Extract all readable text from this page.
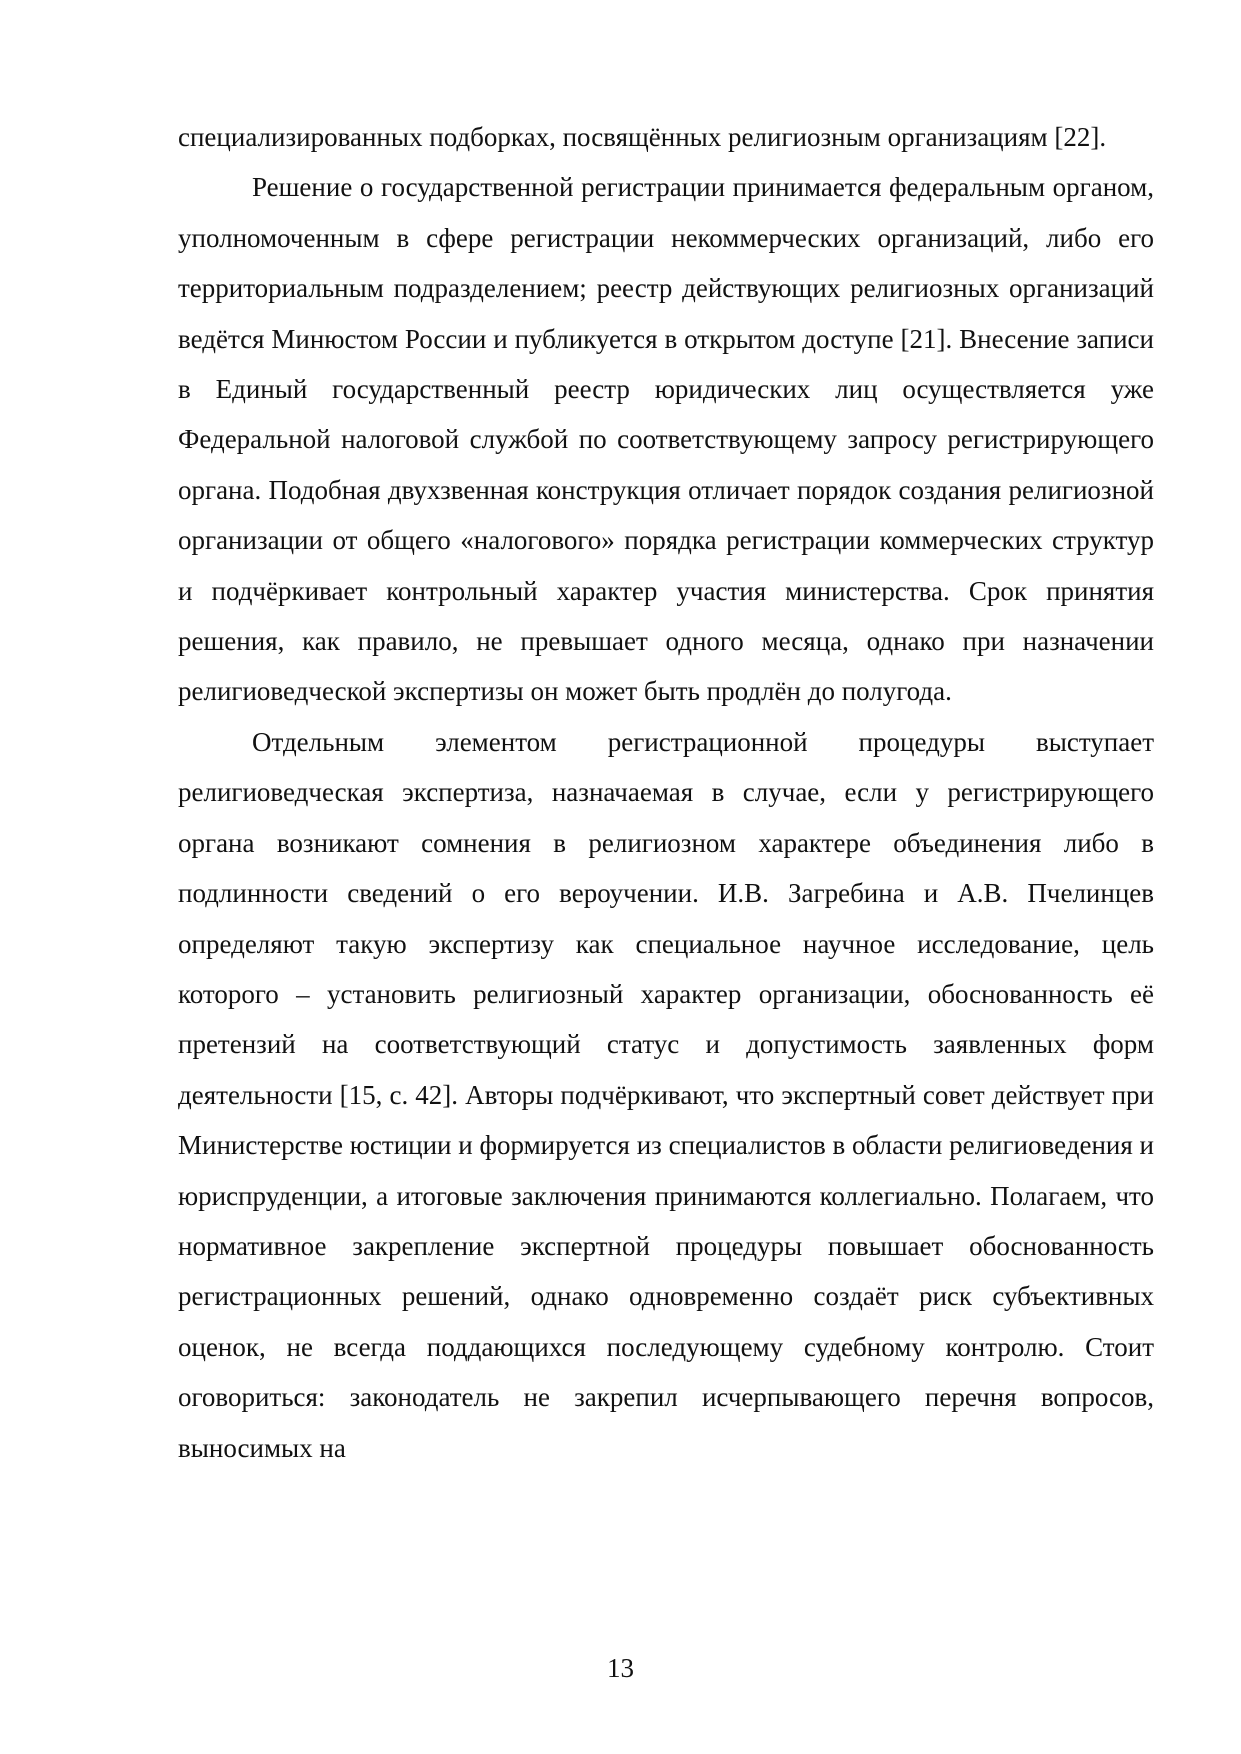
специализированных подборках, посвящённых религиозным организациям [22].

Решение о государственной регистрации принимается федеральным органом, уполномоченным в сфере регистрации некоммерческих организаций, либо его территориальным подразделением; реестр действующих религиозных организаций ведётся Минюстом России и публикуется в открытом доступе [21]. Внесение записи в Единый государственный реестр юридических лиц осуществляется уже Федеральной налоговой службой по соответствующему запросу регистрирующего органа. Подобная двухзвенная конструкция отличает порядок создания религиозной организации от общего «налогового» порядка регистрации коммерческих структур и подчёркивает контрольный характер участия министерства. Срок принятия решения, как правило, не превышает одного месяца, однако при назначении религиоведческой экспертизы он может быть продлён до полугода.

Отдельным элементом регистрационной процедуры выступает религиоведческая экспертиза, назначаемая в случае, если у регистрирующего органа возникают сомнения в религиозном характере объединения либо в подлинности сведений о его вероучении. И.В. Загребина и А.В. Пчелинцев определяют такую экспертизу как специальное научное исследование, цель которого – установить религиозный характер организации, обоснованность её претензий на соответствующий статус и допустимость заявленных форм деятельности [15, с. 42]. Авторы подчёркивают, что экспертный совет действует при Министерстве юстиции и формируется из специалистов в области религиоведения и юриспруденции, а итоговые заключения принимаются коллегиально. Полагаем, что нормативное закрепление экспертной процедуры повышает обоснованность регистрационных решений, однако одновременно создаёт риск субъективных оценок, не всегда поддающихся последующему судебному контролю. Стоит оговориться: законодатель не закрепил исчерпывающего перечня вопросов, выносимых на

13
